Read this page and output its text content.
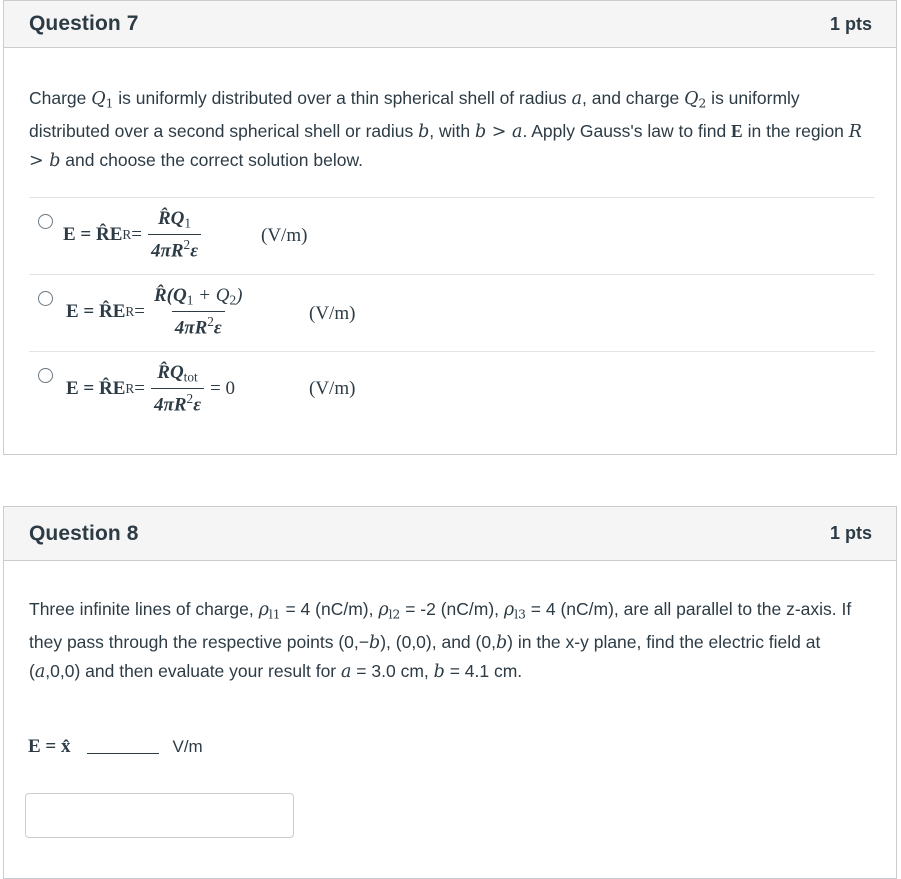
Question 7	1 pts
Charge $Q_1$ is uniformly distributed over a thin spherical shell of radius a, and charge $Q_2$ is uniformly distributed over a second spherical shell or radius b, with b > a. Apply Gauss's law to find E in the region R > b and choose the correct solution below.
E = R̂E $R = \frac{R̂Q_1}{4\pi R^2\varepsilon}$	(V/m)
E = R̂E $R = \frac{R̂(Q_1 + Q_2)}{4\pi R^2\varepsilon}$	(V/m)
E = R̂E $R = \frac{R̂Q_{tot}}{4\pi R^2\varepsilon} = 0$	(V/m)
Question 8	1 pts
Three infinite lines of charge, $\rho_{l1} = 4$ (nC/m), $\rho_{l2} = -2$ (nC/m), $\rho_{l3} = 4$ (nC/m), are all parallel to the z-axis. If they pass through the respective points (0,−b), (0,0), and (0,b) in the x-y plane, find the electric field at (a,0,0) and then evaluate your result for a = 3.0 cm, b = 4.1 cm.
E = x̂	V/m
